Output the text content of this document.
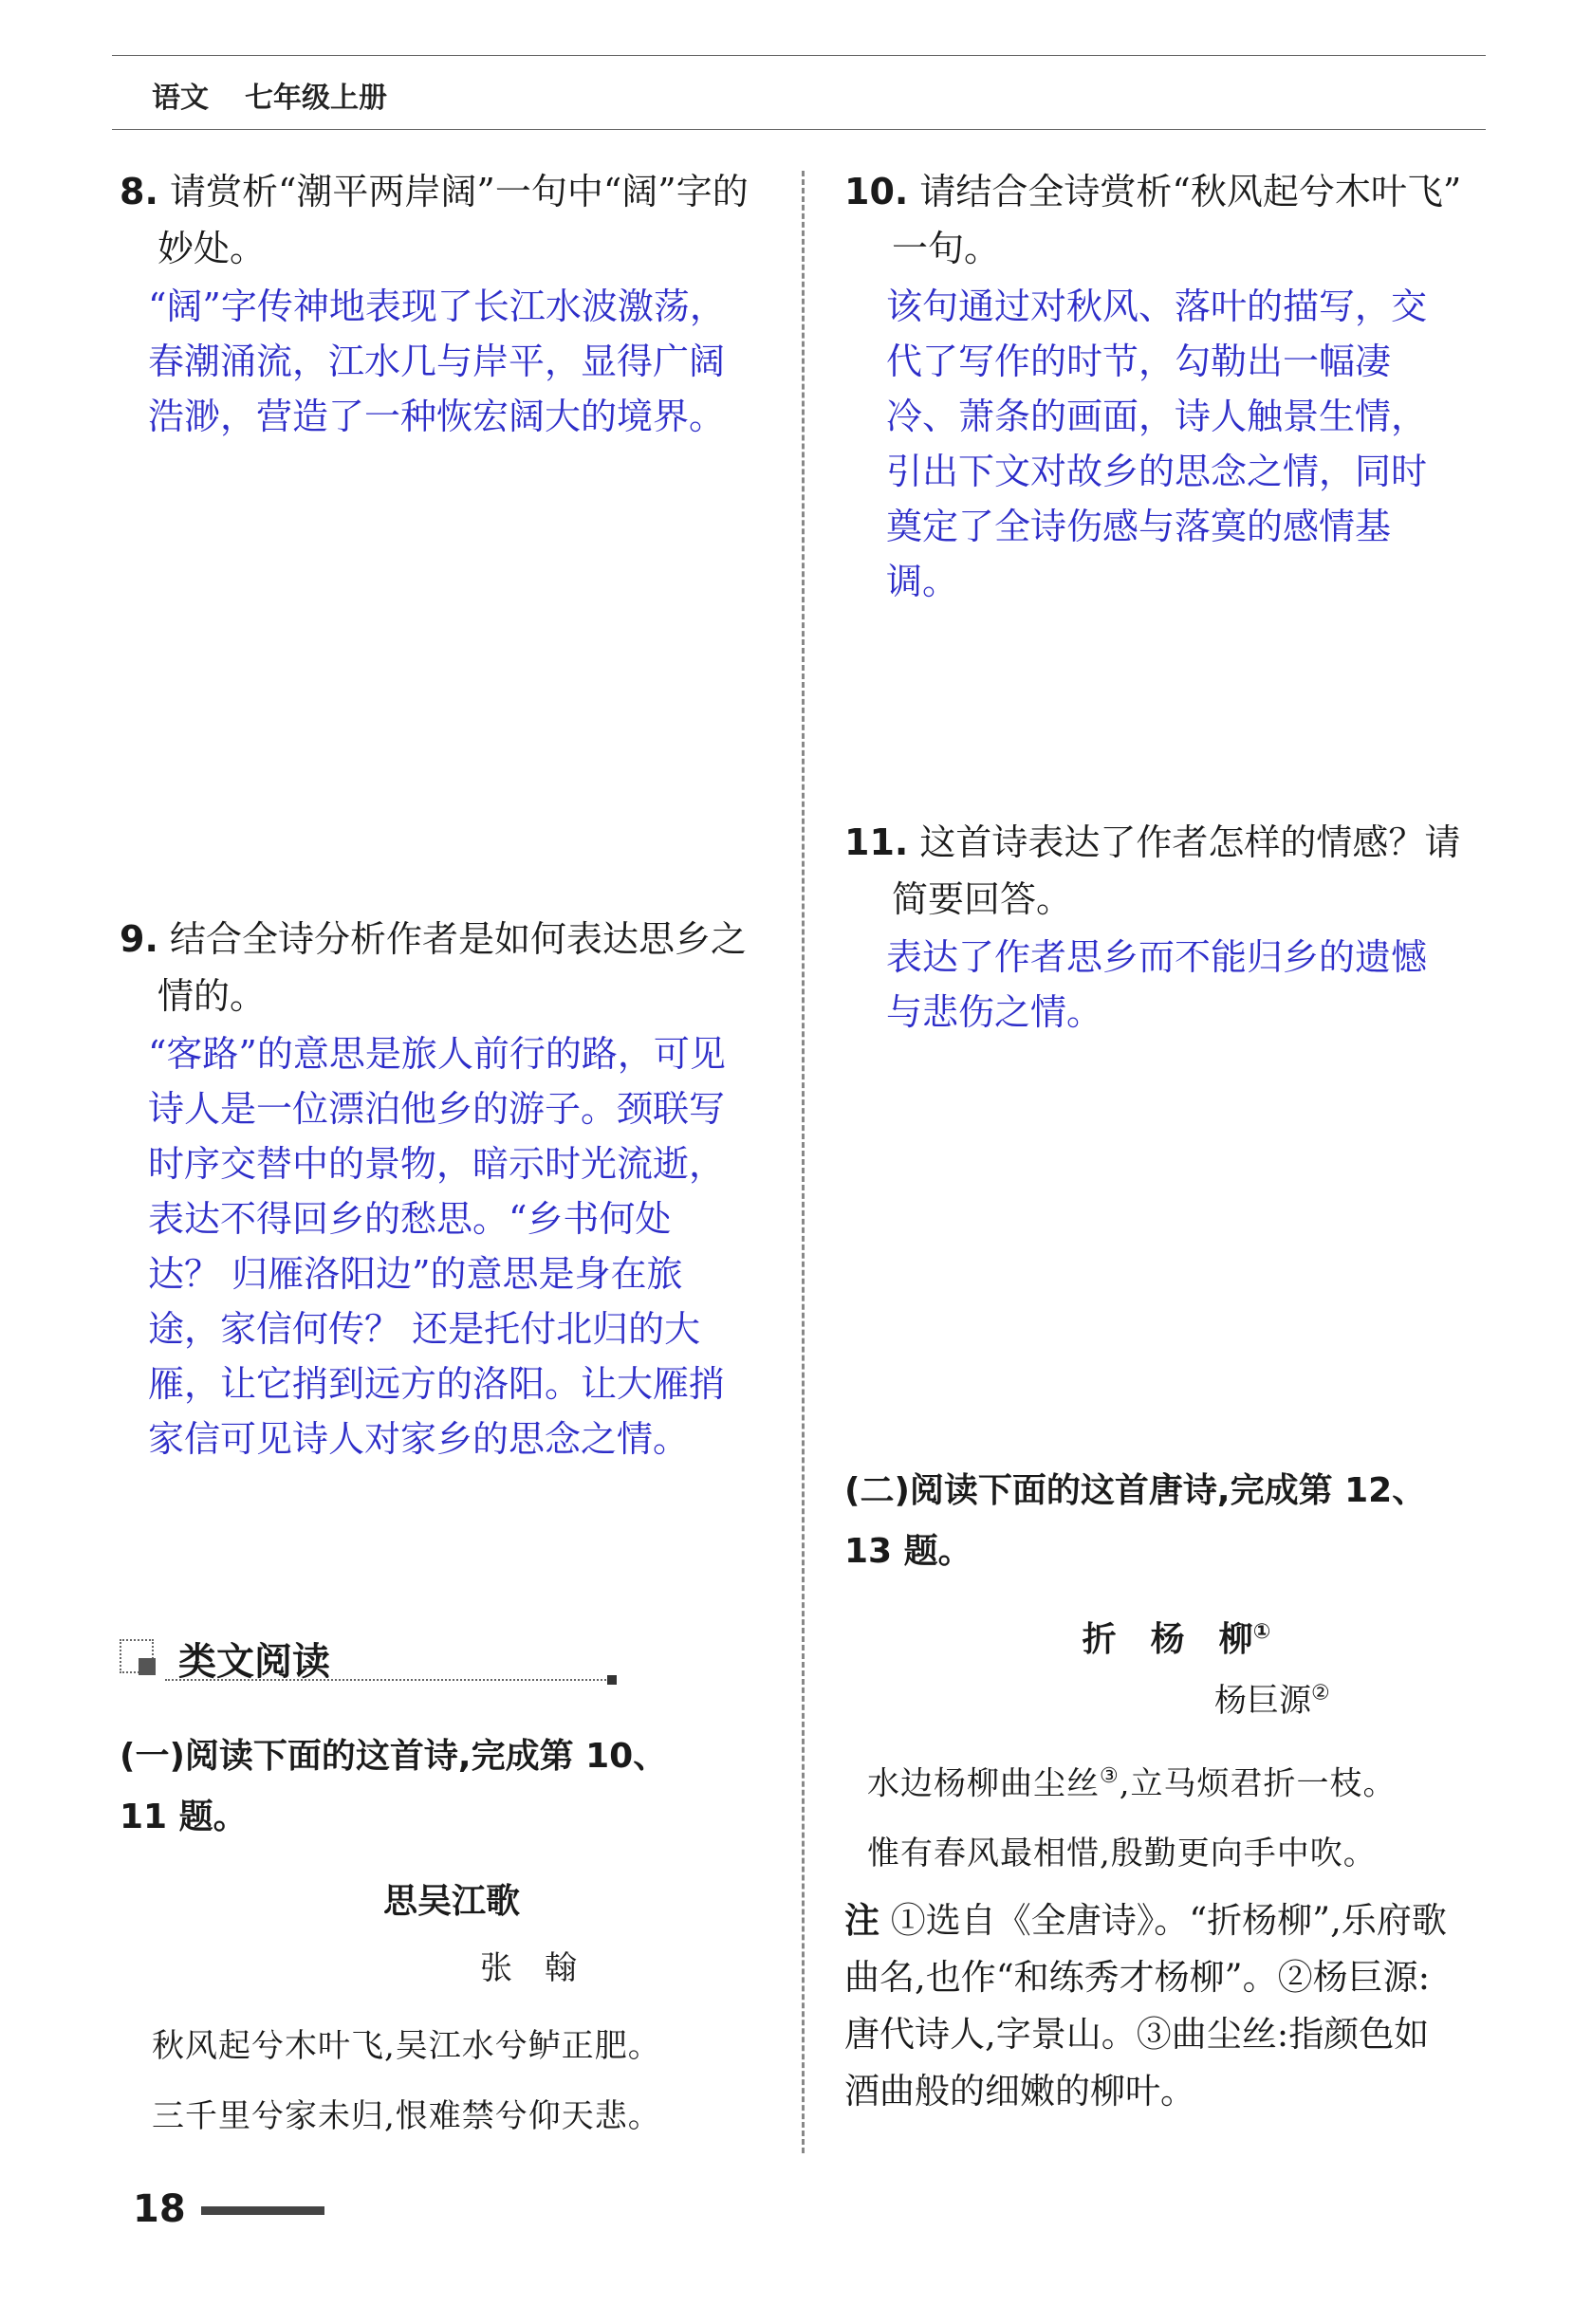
语文 七年级上册

8. 请赏析“潮平两岸阔”一句中“阔”字的

妙处。

“阔”字传神地表现了长江水波激荡，

春潮涌流，江水几与岸平，显得广阔

浩渺，营造了一种恢宏阔大的境界。

9. 结合全诗分析作者是如何表达思乡之

情的。

“客路”的意思是旅人前行的路，可见

诗人是一位漂泊他乡的游子。颈联写

时序交替中的景物，暗示时光流逝，

表达不得回乡的愁思。“乡书何处

达？ 归雁洛阳边”的意思是身在旅

途，家信何传？ 还是托付北归的大

雁，让它捎到远方的洛阳。让大雁捎

家信可见诗人对家乡的思念之情。

类文阅读

(一)阅读下面的这首诗,完成第 10、

11 题。

思吴江歌

张　翰

秋风起兮木叶飞,吴江水兮鲈正肥。

三千里兮家未归,恨难禁兮仰天悲。

10. 请结合全诗赏析“秋风起兮木叶飞”

一句。

该句通过对秋风、落叶的描写，交

代了写作的时节，勾勒出一幅凄

冷、萧条的画面，诗人触景生情，

引出下文对故乡的思念之情，同时

奠定了全诗伤感与落寞的感情基

调。

11. 这首诗表达了作者怎样的情感？请

简要回答。

表达了作者思乡而不能归乡的遗憾

与悲伤之情。

(二)阅读下面的这首唐诗,完成第 12、

13 题。

折　杨　柳①

杨巨源②

水边杨柳曲尘丝③,立马烦君折一枝。

惟有春风最相惜,殷勤更向手中吹。

注 ①选自《全唐诗》。“折杨柳”,乐府歌

曲名,也作“和练秀才杨柳”。②杨巨源:

唐代诗人,字景山。③曲尘丝:指颜色如

酒曲般的细嫩的柳叶。

18
